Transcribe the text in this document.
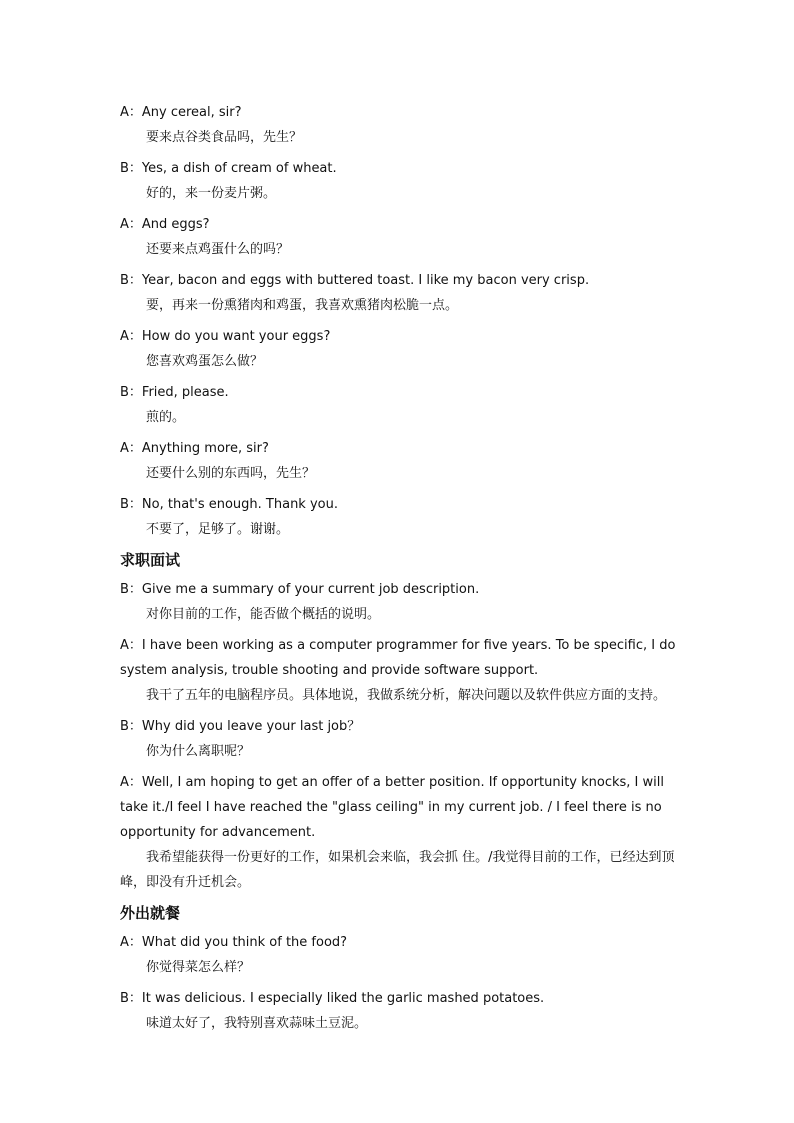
A：Any cereal, sir?
要来点谷类食品吗，先生？
B：Yes, a dish of cream of wheat.
好的，来一份麦片粥。
A：And eggs?
还要来点鸡蛋什么的吗？
B：Year, bacon and eggs with buttered toast. I like my bacon very crisp.
要，再来一份熏猪肉和鸡蛋，我喜欢熏猪肉松脆一点。
A：How do you want your eggs?
您喜欢鸡蛋怎么做？
B：Fried, please.
煎的。
A：Anything more, sir?
还要什么别的东西吗，先生？
B：No, that's enough. Thank you.
不要了，足够了。谢谢。
求职面试
B：Give me a summary of your current job description.
对你目前的工作，能否做个概括的说明。
A：I have been working as a computer programmer for five years. To be specific, I do system analysis, trouble shooting and provide software support.
我干了五年的电脑程序员。具体地说，我做系统分析，解决问题以及软件供应方面的支持。
B：Why did you leave your last job？
你为什么离职呢？
A：Well, I am hoping to get an offer of a better position. If opportunity knocks, I will take it./I feel I have reached the "glass ceiling" in my current job. / I feel there is no opportunity for advancement.
我希望能获得一份更好的工作，如果机会来临，我会抓 住。/我觉得目前的工作，已经达到顶峰，即没有升迁机会。
外出就餐
A：What did you think of the food?
你觉得菜怎么样？
B：It was delicious. I especially liked the garlic mashed potatoes.
味道太好了，我特别喜欢蒜味土豆泥。
